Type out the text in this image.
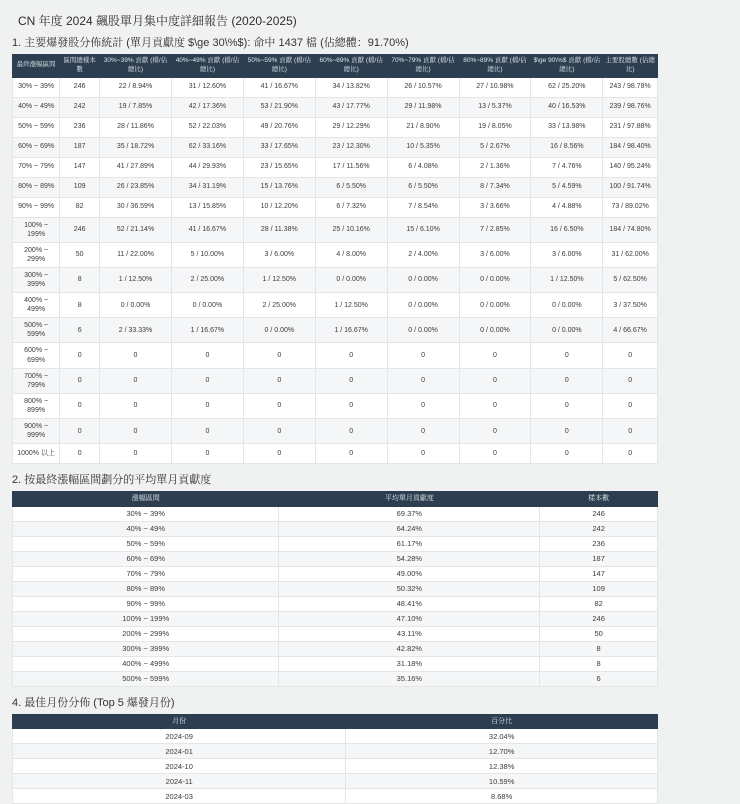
CN 年度 2024 飆股單月集中度詳細報告 (2020-2025)
1. 主要爆發股分佈統計 (單月貢獻度 $\ge 30\%$): 命中 1437 檔 (佔總體：91.70%)
最終漲幅區間	區間總樣本數	30%~39% 貢獻 (檔/佔總比)	40%~49% 貢獻 (檔/佔總比)	50%~59% 貢獻 (檔/佔總比)	60%~69% 貢獻 (檔/佔總比)	70%~79% 貢獻 (檔/佔總比)	80%~89% 貢獻 (檔/佔總比)	$\ge 90\%$ 貢獻 (檔/佔總比)	主要股總數 (佔總比)
30% ~ 39%	246	22 / 8.94%	31 / 12.60%	41 / 16.67%	34 / 13.82%	26 / 10.57%	27 / 10.98%	62 / 25.20%	243 / 98.78%
40% ~ 49%	242	19 / 7.85%	42 / 17.36%	53 / 21.90%	43 / 17.77%	29 / 11.98%	13 / 5.37%	40 / 16.53%	239 / 98.76%
50% ~ 59%	236	28 / 11.86%	52 / 22.03%	49 / 20.76%	29 / 12.29%	21 / 8.90%	19 / 8.05%	33 / 13.98%	231 / 97.88%
60% ~ 69%	187	35 / 18.72%	62 / 33.16%	33 / 17.65%	23 / 12.30%	10 / 5.35%	5 / 2.67%	16 / 8.56%	184 / 98.40%
70% ~ 79%	147	41 / 27.89%	44 / 29.93%	23 / 15.65%	17 / 11.56%	6 / 4.08%	2 / 1.36%	7 / 4.76%	140 / 95.24%
80% ~ 89%	109	26 / 23.85%	34 / 31.19%	15 / 13.76%	6 / 5.50%	6 / 5.50%	8 / 7.34%	5 / 4.59%	100 / 91.74%
90% ~ 99%	82	30 / 36.59%	13 / 15.85%	10 / 12.20%	6 / 7.32%	7 / 8.54%	3 / 3.66%	4 / 4.88%	73 / 89.02%
100% ~ 199%	246	52 / 21.14%	41 / 16.67%	28 / 11.38%	25 / 10.16%	15 / 6.10%	7 / 2.85%	16 / 6.50%	184 / 74.80%
200% ~ 299%	50	11 / 22.00%	5 / 10.00%	3 / 6.00%	4 / 8.00%	2 / 4.00%	3 / 6.00%	3 / 6.00%	31 / 62.00%
300% ~ 399%	8	1 / 12.50%	2 / 25.00%	1 / 12.50%	0 / 0.00%	0 / 0.00%	0 / 0.00%	1 / 12.50%	5 / 62.50%
400% ~ 499%	8	0 / 0.00%	0 / 0.00%	2 / 25.00%	1 / 12.50%	0 / 0.00%	0 / 0.00%	0 / 0.00%	3 / 37.50%
500% ~ 599%	6	2 / 33.33%	1 / 16.67%	0 / 0.00%	1 / 16.67%	0 / 0.00%	0 / 0.00%	0 / 0.00%	4 / 66.67%
600% ~ 699%	0	0	0	0	0	0	0	0	0
700% ~ 799%	0	0	0	0	0	0	0	0	0
800% ~ 899%	0	0	0	0	0	0	0	0	0
900% ~ 999%	0	0	0	0	0	0	0	0	0
1000% 以上	0	0	0	0	0	0	0	0	0
2. 按最終漲幅區間劃分的平均單月貢獻度
漲幅區間	平均單月貢獻度	樣本數
30% ~ 39%	69.37%	246
40% ~ 49%	64.24%	242
50% ~ 59%	61.17%	236
60% ~ 69%	54.28%	187
70% ~ 79%	49.00%	147
80% ~ 89%	50.32%	109
90% ~ 99%	48.41%	82
100% ~ 199%	47.10%	246
200% ~ 299%	43.11%	50
300% ~ 399%	42.82%	8
400% ~ 499%	31.18%	8
500% ~ 599%	35.16%	6
4. 最佳月份分佈 (Top 5 爆發月份)
月份	百分比
2024-09	32.04%
2024-01	12.70%
2024-10	12.38%
2024-11	10.59%
2024-03	8.68%
